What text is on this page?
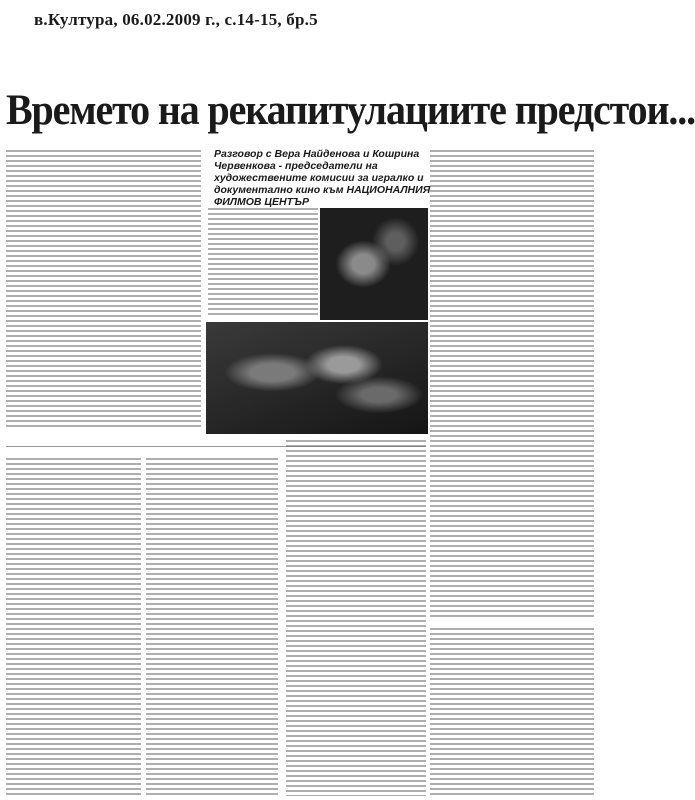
в.Култура, 06.02.2009 г., с.14-15, бр.5
Времето на рекапитулациите предстои...
Разговор с Вера Найденова и Кошрина Червенкова - председатели на художествените комисии за игралко и документално кино към НАЦИОНАЛНИЯ ФИЛМОВ ЦЕНТЪР
